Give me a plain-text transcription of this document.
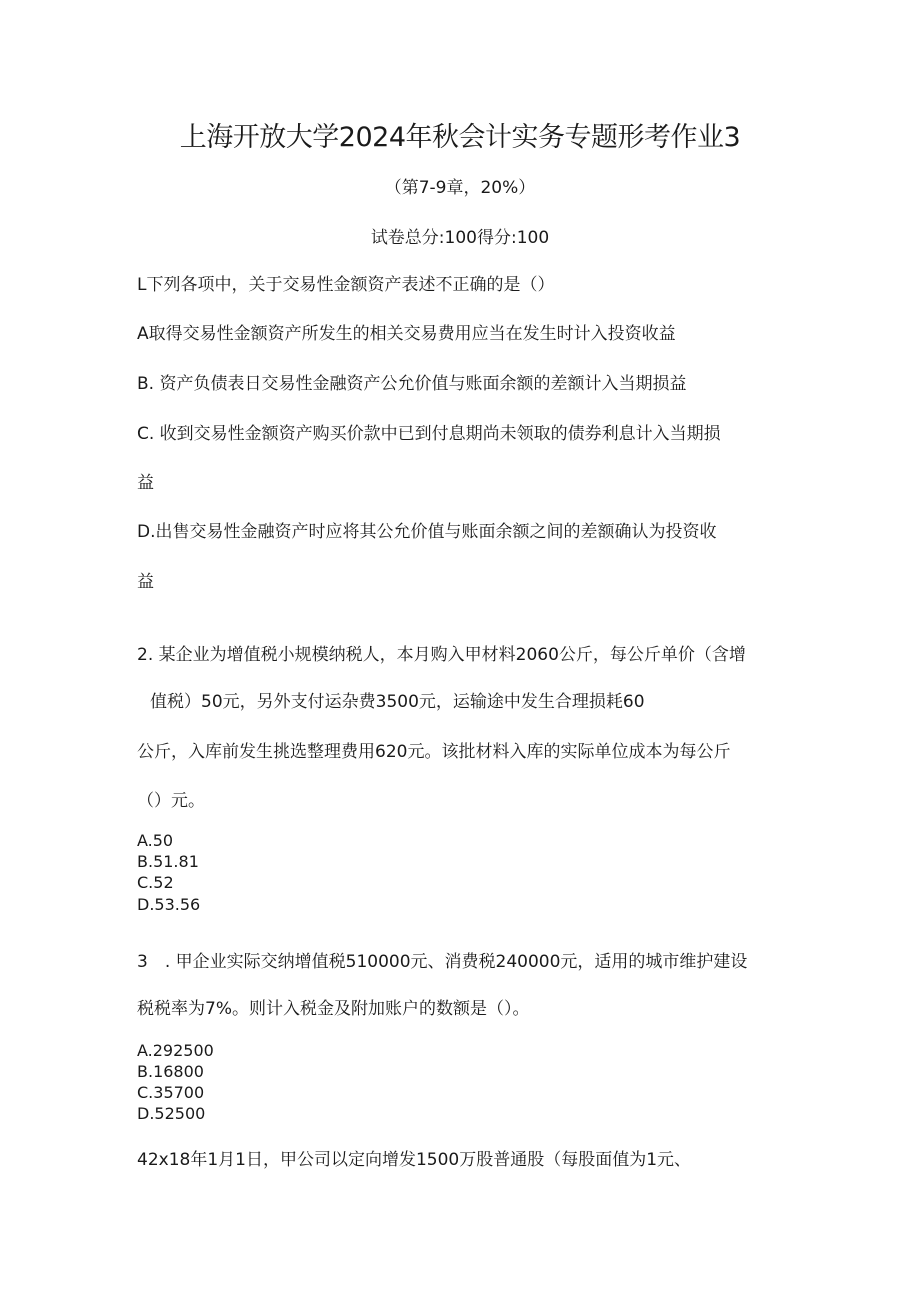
上海开放大学2024年秋会计实务专题形考作业3
（第7-9章，20%）
试卷总分:100得分:100
L下列各项中，关于交易性金额资产表述不正确的是（）
A取得交易性金额资产所发生的相关交易费用应当在发生时计入投资收益
B. 资产负债表日交易性金融资产公允价值与账面余额的差额计入当期损益
C. 收到交易性金额资产购买价款中已到付息期尚未领取的债券利息计入当期损
益
D.出售交易性金融资产时应将其公允价值与账面余额之间的差额确认为投资收
益
2. 某企业为增值税小规模纳税人，本月购入甲材料2060公斤，每公斤单价（含增
值税）50元，另外支付运杂费3500元，运输途中发生合理损耗60
公斤，入库前发生挑选整理费用620元。该批材料入库的实际单位成本为每公斤
（）元。
A.50
B.51.81
C.52
D.53.56
3　. 甲企业实际交纳增值税510000元、消费税240000元，适用的城市维护建设
税税率为7%。则计入税金及附加账户的数额是（）。
A.292500
B.16800
C.35700
D.52500
42x18年1月1日，甲公司以定向增发1500万股普通股（每股面值为1元、
